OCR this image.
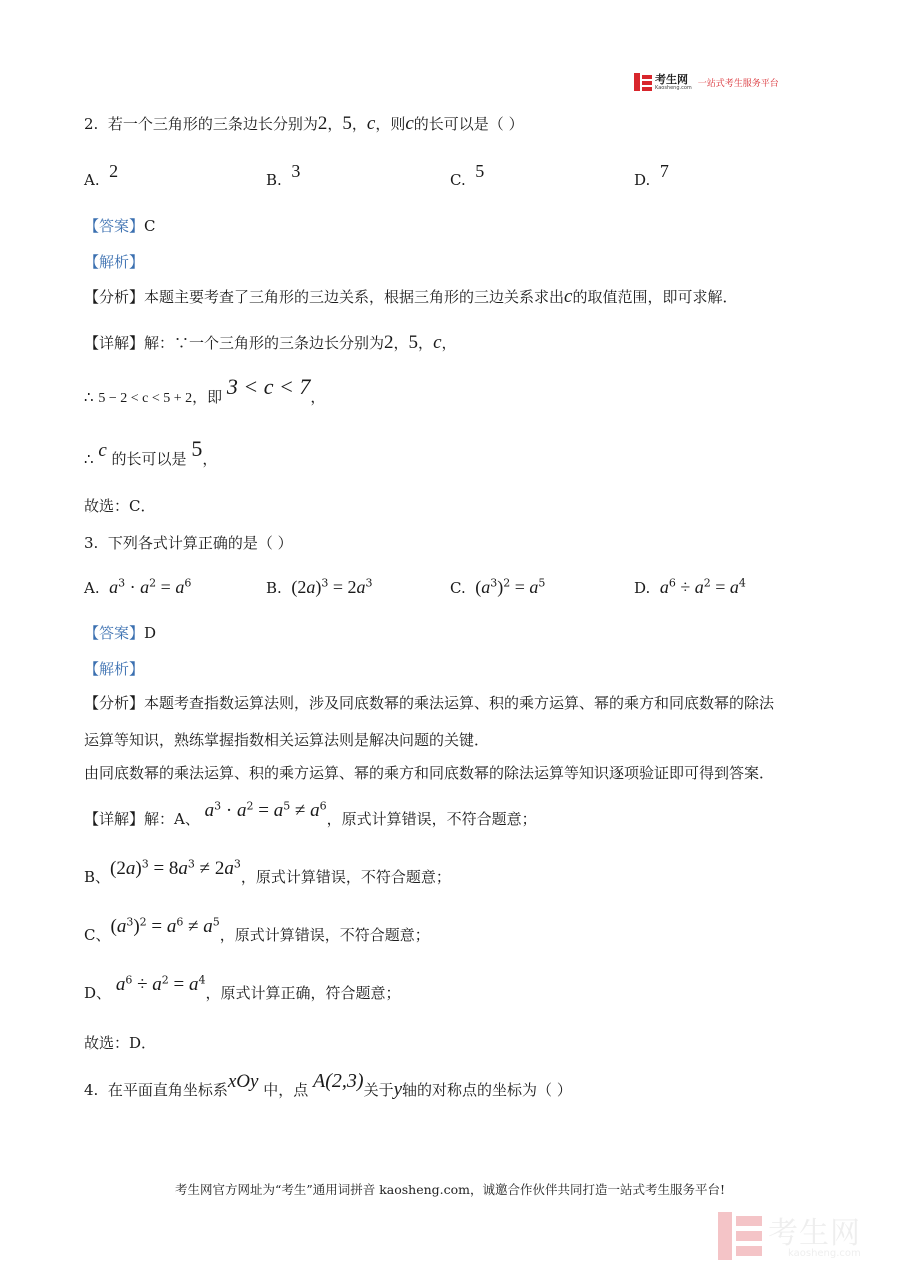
考生网
Kaosheng.com 一站式考生服务平台
2. 若一个三角形的三条边长分别为2，5，c，则c的长可以是（ ）
A. 2	B. 3	C. 5	D. 7
【答案】C
【解析】
【分析】本题主要考查了三角形的三边关系，根据三角形的三边关系求出c的取值范围，即可求解．
【详解】解：∵一个三角形的三条边长分别为2，5，c，
∴ 5 − 2 < c < 5 + 2，即 3 < c < 7，
∴ c 的长可以是 5，
故选：C．
3. 下列各式计算正确的是（ ）
A. $a^3 \cdot a^2 = a^6$	B. $(2a)^3 = 2a^3$	C. $(a^3)^2 = a^5$	D. $a^6 \div a^2 = a^4$
【答案】D
【解析】
【分析】本题考查指数运算法则，涉及同底数幂的乘法运算、积的乘方运算、幂的乘方和同底数幂的除法
运算等知识，熟练掌握指数相关运算法则是解决问题的关键．
由同底数幂的乘法运算、积的乘方运算、幂的乘方和同底数幂的除法运算等知识逐项验证即可得到答案．
【详解】解：A、 $a^3 \cdot a^2 = a^5 \ne a^6$，原式计算错误，不符合题意；
B、$(2a)^3 = 8a^3 \ne 2a^3$，原式计算错误，不符合题意；
C、$(a^3)^2 = a^6 \ne a^5$，原式计算错误，不符合题意；
D、 $a^6 \div a^2 = a^4$，原式计算正确，符合题意；
故选：D．
4. 在平面直角坐标系xOy 中，点 A(2,3)关于y轴的对称点的坐标为（ ）
考生网官方网址为“考生”通用词拼音 kaosheng.com，诚邀合作伙伴共同打造一站式考生服务平台!
考生网
kaosheng.com
